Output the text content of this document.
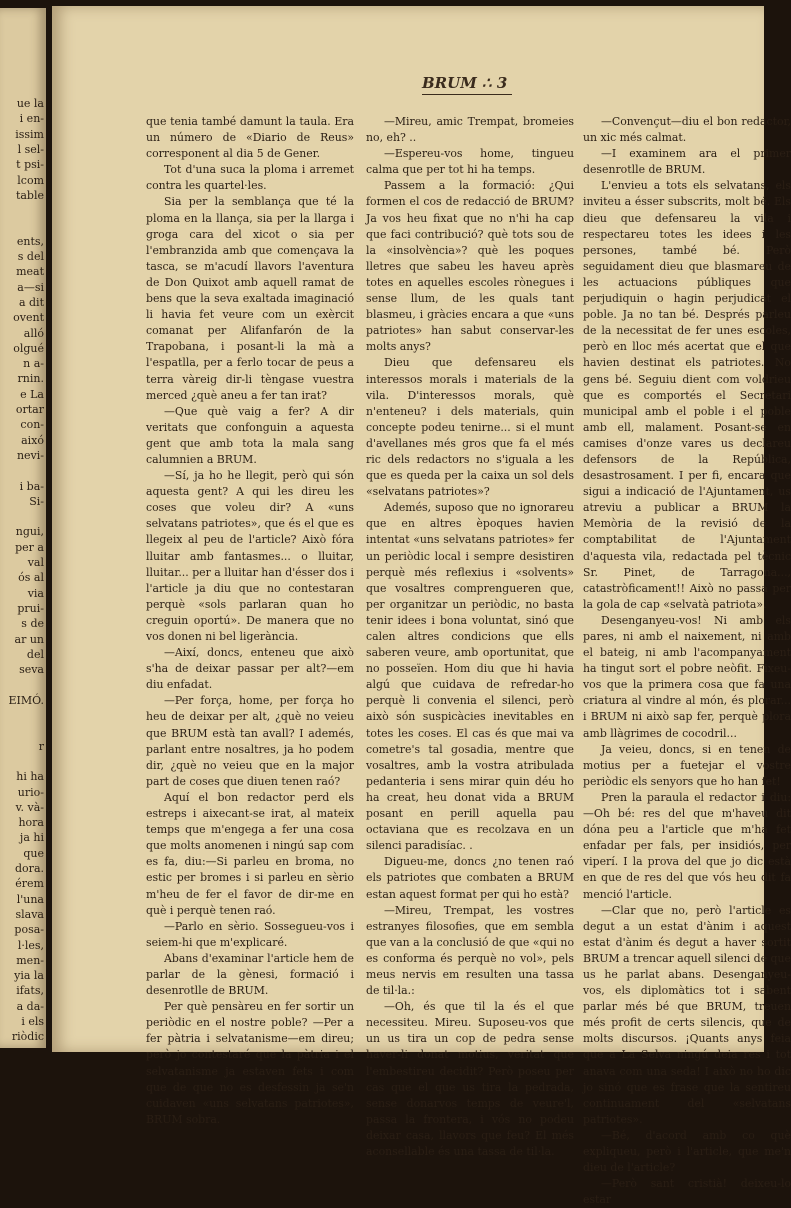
ue la
i en-
issim
l sel-
t psi-
lcom
table
ents,
s del
meat
a—si
a dit
ovent
alló
olgué
n a-
rnin.
e La
ortar
con-
aixó
nevi-
i ba-
Si-
ngui,
per a
val
ós al
via
prui-
s de
ar un
del
seva
EIMÓ.
r
hi ha
urio-
v. và-
hora
ja hi
que
dora.
érem
l'una
slava
posa-
l·les,
men-
yia la
ifats,
a da-
i els
riòdic
BRUM ∴ 3

que tenia també damunt la taula. Era un número de «Diario de Reus» corresponent al dia 5 de Gener.

Tot d'una suca la ploma i arremet contra les quartel·les.

Sia per la semblança que té la ploma en la llança, sia per la llarga i groga cara del xicot o sia per l'embranzida amb que començava la tasca, se m'acudí llavors l'aventura de Don Quixot amb aquell ramat de bens que la seva exaltada imaginació li havia fet veure com un exèrcit comanat per Alifanfarón de la Trapobana, i posant-li la mà a l'espatlla, per a ferlo tocar de peus a terra vàreig dir-li tèngase vuestra merced ¿què aneu a fer tan irat?

—Que què vaig a fer? A dir veritats que confonguin a aquesta gent que amb tota la mala sang calumnien a BRUM.

—Sí, ja ho he llegit, però qui són aquesta gent? A qui les direu les coses que voleu dir? A «uns selvatans patriotes», que és el que es llegeix al peu de l'article? Això fóra lluitar amb fantasmes... o lluitar, lluitar... per a lluitar han d'ésser dos i l'article ja diu que no contestaran perquè «sols parlaran quan ho creguin oportú». De manera que no vos donen ni bel ligerància.

—Així, doncs, enteneu que això s'ha de deixar passar per alt?—em diu enfadat.

—Per força, home, per força ho heu de deixar per alt, ¿què no veieu que BRUM està tan avall? I ademés, parlant entre nosaltres, ja ho podem dir, ¿què no veieu que en la major part de coses que diuen tenen raó?

Aquí el bon redactor perd els estreps i aixecant-se irat, al mateix temps que m'engega a fer una cosa que molts anomenen i ningú sap com es fa, diu:—Si parleu en broma, no estic per bromes i si parleu en sèrio m'heu de fer el favor de dir-me en què i perquè tenen raó.

—Parlo en sèrio. Sossegueu-vos i seiem-hi que m'explicaré.

Abans d'examinar l'article hem de parlar de la gènesi, formació i desenrotlle de BRUM.

Per què pensàreu en fer sortir un periòdic en el nostre poble? —Per a fer pàtria i selvatanisme—em direu; però jo contestaré que la pàtria i el selvatanisme ja estaven fets i com que de que no es desfessin ja se'n cuidaven «uns selvatans patriotes», BRUM sobra.

—Mireu, amic Trempat, bromeies no, eh? ..

—Espereu-vos home, tingueu calma que per tot hi ha temps.

Passem a la formació: ¿Qui formen el cos de redacció de BRUM? Ja vos heu fixat que no n'hi ha cap que faci contribució? què tots sou de la «insolvència»? què les poques lletres que sabeu les haveu après totes en aquelles escoles rònegues i sense llum, de les quals tant blasmeu, i gràcies encara a que «uns patriotes» han sabut conservar-les molts anys?

Dieu que defensareu els interessos morals i materials de la vila. D'interessos morals, què n'enteneu? i dels materials, quin concepte podeu tenirne... si el munt d'avellanes més gros que fa el més ric dels redactors no s'iguala a les que es queda per la caixa un sol dels «selvatans patriotes»?

Ademés, suposo que no ignorareu que en altres èpoques havien intentat «uns selvatans patriotes» fer un periòdic local i sempre desistiren perquè més reflexius i «solvents» que vosaltres comprengueren que, per organitzar un periòdic, no basta tenir idees i bona voluntat, sinó que calen altres condicions que ells saberen veure, amb oportunitat, que no posseïen. Hom diu que hi havia algú que cuidava de refredar-ho perquè li convenia el silenci, però això són suspicàcies inevitables en totes les coses. El cas és que mai va cometre's tal gosadia, mentre que vosaltres, amb la vostra atribulada pedanteria i sens mirar quin déu ho ha creat, heu donat vida a BRUM posant en perill aquella pau octaviana que es recolzava en un silenci paradisíac. .

Digueu-me, doncs ¿no tenen raó els patriotes que combaten a BRUM estan aquest format per qui ho està?

—Mireu, Trempat, les vostres estranyes filosofies, que em sembla que van a la conclusió de que «qui no es conforma és perquè no vol», pels meus nervis em resulten una tassa de til·la.:

—Oh, és que til la és el que necessiteu. Mireu. Suposeu-vos que un us tira un cop de pedra sense haver-li donat motius, veritat que l'embestireu decidit? Però poseu per cas que el que us tira la pedrada, sense donarvos temps de veure'l, passa la frontera, i vós no podeu deixar casa, llavors que feu? El més aconsellable és una tassa de til·la.

—Convençut—diu el bon redactor, un xic més calmat.

—I examinem ara el primer desenrotlle de BRUM.

L'envieu a tots els selvatans, els inviteu a ésser subscrits, molt bé. Els dieu que defensareu la vila i respectareu totes les idees i les persones, també bé. Però seguidament dieu que blasmareu de les actuacions públiques que perjudiquin o hagin perjudicat el poble. Ja no tan bé. Després parleu de la necessitat de fer unes escoles, però en lloc més acertat que el que havien destinat els patriotes. No gens bé. Seguiu dient com voldrieu que es comportés el Secretari municipal amb el poble i el poble amb ell, malament. Posant-se en camises d'onze vares us declareu defensors de la República, desastrosament. I per fi, encara que sigui a indicació de l'Ajuntament, us atreviu a publicar a BRUM la Memòria de la revisió de la comptabilitat de l'Ajuntament d'aquesta vila, redactada pel tècnic Sr. Pinet, de Tarragona..., catastròficament!! Això no passa per la gola de cap «selvatà patriota».

Desenganyeu-vos! Ni amb els pares, ni amb el naixement, ni amb el bateig, ni amb l'acompanyament ha tingut sort el pobre neòfit. Fixeu-vos que la primera cosa que fa una criatura al vindre al món, és plorar... i BRUM ni això sap fer, perquè plora amb llàgrimes de cocodril...

Ja veieu, doncs, si en tenen de motius per a fuetejar el vostre periòdic els senyors que ho han fet!

Pren la paraula el redactor i diu: —Oh bé: res del que m'haveu dit dóna peu a l'article que m'ha fet enfadar per fals, per insidiós, per viperí. I la prova del que jo dic està en que de res del que vós heu dit fa menció l'article.

—Clar que no, però l'article es degut a un estat d'ànim i aquest estat d'ànim és degut a haver sortit BRUM a trencar aquell silenci de que us he parlat abans. Desenganyeu-vos, els diplomàtics tot i sabent parlar més bé que BRUM, treuen més profit de certs silencis, que de molts discursos. ¡Quants anys feia que a La Selva ningú deia res i tot anava com una seda! I això no ho dic jo sinó que es frase que la sentireu continuament del «selvatans patriotes».

—Bé, d'acord amb co què expliqueu, però i l'article, que me'n dieu de l'article?

—Però sant cristià! deixeu-lo estar
